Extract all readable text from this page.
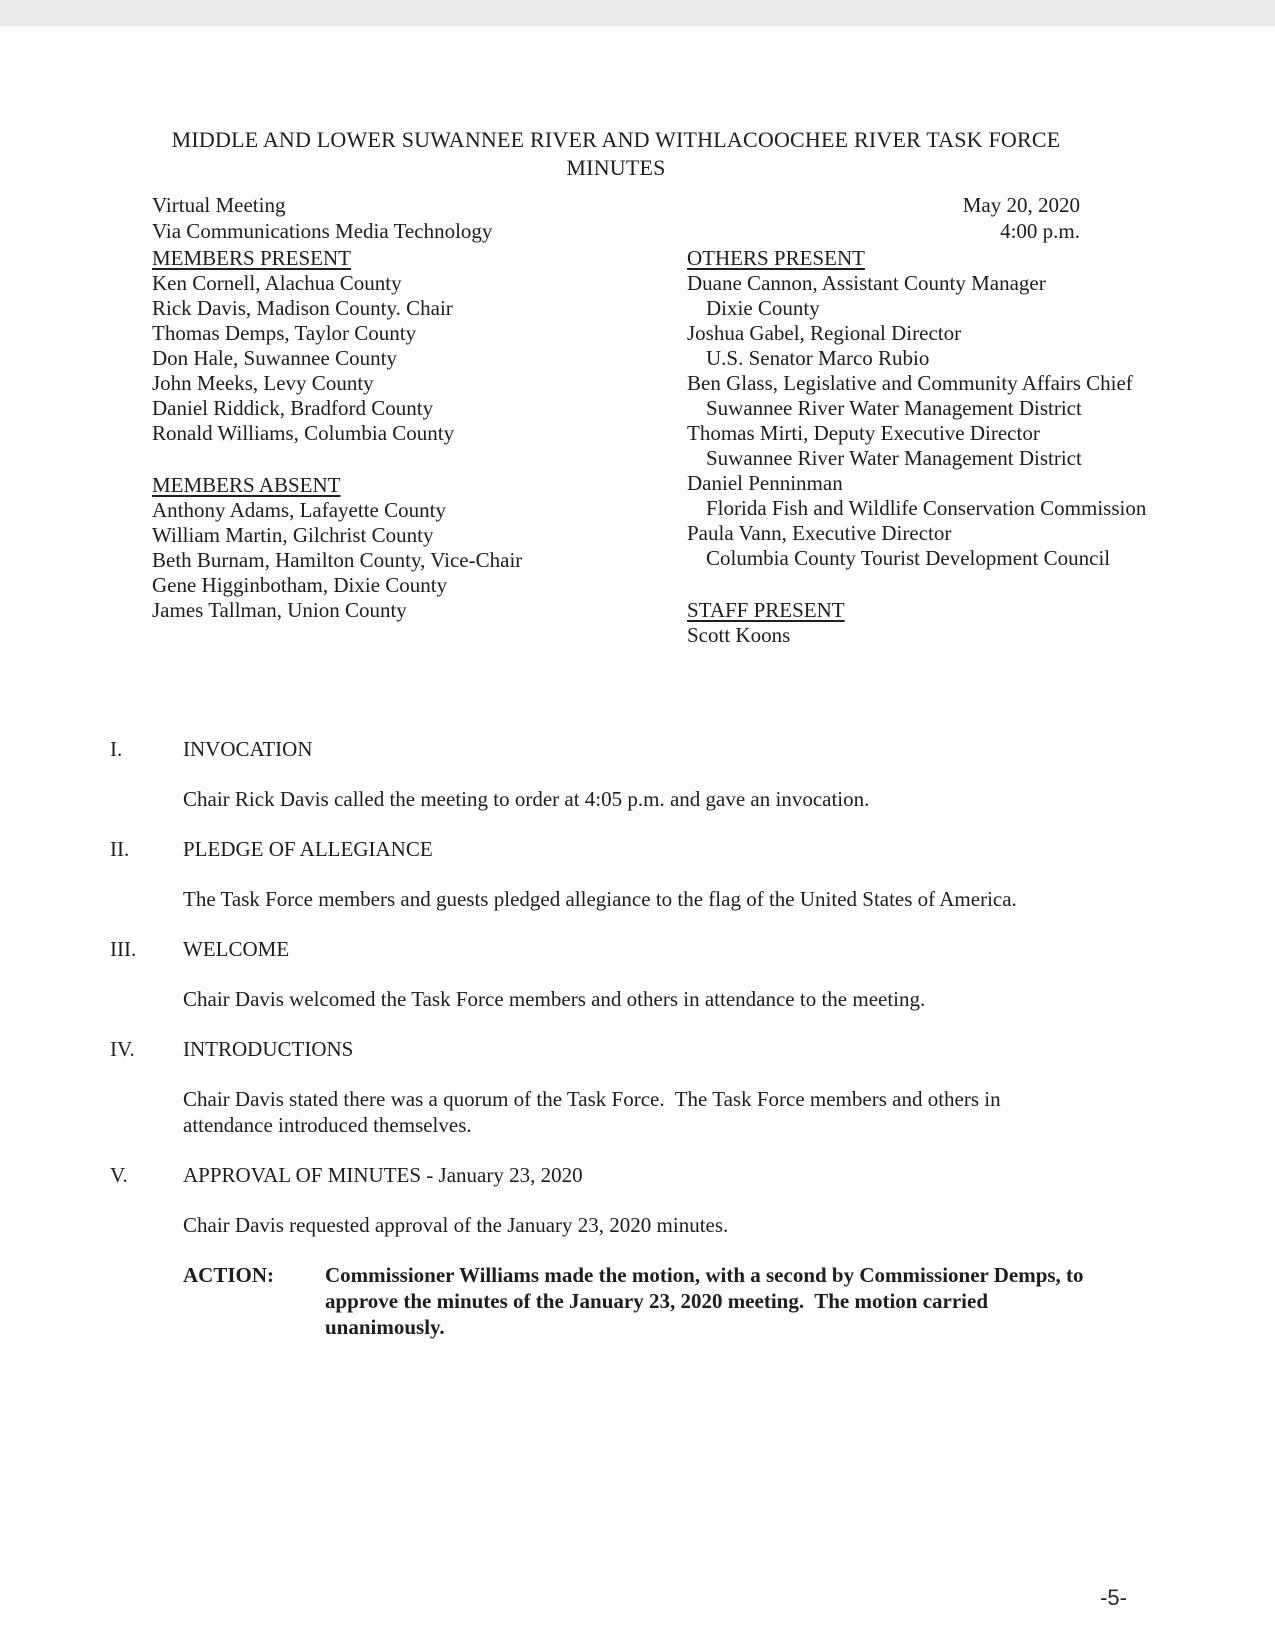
MIDDLE AND LOWER SUWANNEE RIVER AND WITHLACOOCHEE RIVER TASK FORCE
MINUTES
Virtual Meeting
Via Communications Media Technology
May 20, 2020
4:00 p.m.
MEMBERS PRESENT
Ken Cornell, Alachua County
Rick Davis, Madison County. Chair
Thomas Demps, Taylor County
Don Hale, Suwannee County
John Meeks, Levy County
Daniel Riddick, Bradford County
Ronald Williams, Columbia County
MEMBERS ABSENT
Anthony Adams, Lafayette County
William Martin, Gilchrist County
Beth Burnam, Hamilton County, Vice-Chair
Gene Higginbotham, Dixie County
James Tallman, Union County
OTHERS PRESENT
Duane Cannon, Assistant County Manager
Dixie County
Joshua Gabel, Regional Director
U.S. Senator Marco Rubio
Ben Glass, Legislative and Community Affairs Chief
Suwannee River Water Management District
Thomas Mirti, Deputy Executive Director
Suwannee River Water Management District
Daniel Penninman
Florida Fish and Wildlife Conservation Commission
Paula Vann, Executive Director
Columbia County Tourist Development Council
STAFF PRESENT
Scott Koons
I.	INVOCATION

Chair Rick Davis called the meeting to order at 4:05 p.m. and gave an invocation.

II.	PLEDGE OF ALLEGIANCE

The Task Force members and guests pledged allegiance to the flag of the United States of America.

III.	WELCOME

Chair Davis welcomed the Task Force members and others in attendance to the meeting.

IV.	INTRODUCTIONS

Chair Davis stated there was a quorum of the Task Force.  The Task Force members and others in attendance introduced themselves.

V.	APPROVAL OF MINUTES - January 23, 2020

Chair Davis requested approval of the January 23, 2020 minutes.

ACTION:	Commissioner Williams made the motion, with a second by Commissioner Demps, to approve the minutes of the January 23, 2020 meeting.  The motion carried unanimously.
-5-
